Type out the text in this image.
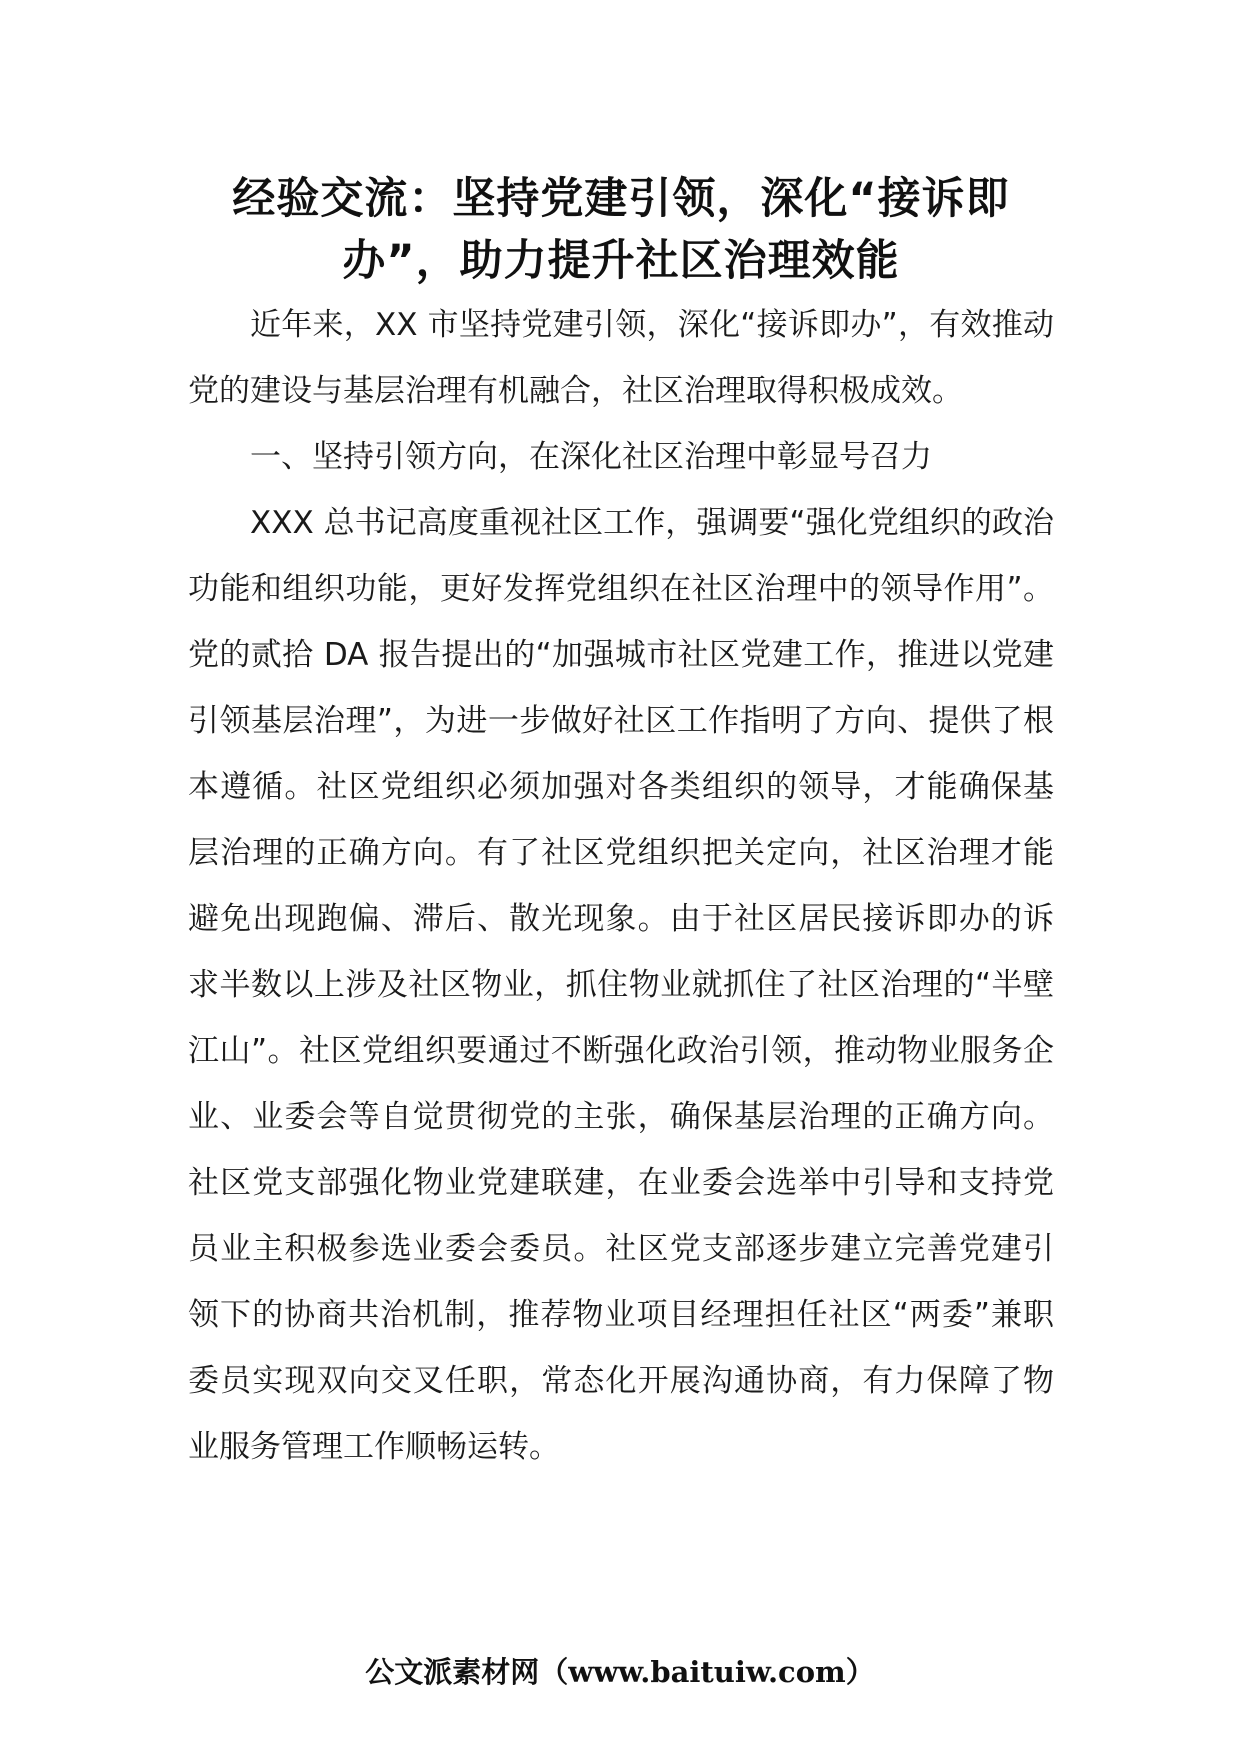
经验交流：坚持党建引领，深化“接诉即
办”，助力提升社区治理效能

近年来，XX 市坚持党建引领，深化“接诉即办”，有效推动党的建设与基层治理有机融合，社区治理取得积极成效。

一、坚持引领方向，在深化社区治理中彰显号召力

XXX 总书记高度重视社区工作，强调要“强化党组织的政治功能和组织功能，更好发挥党组织在社区治理中的领导作用”。党的贰拾 DA 报告提出的“加强城市社区党建工作，推进以党建引领基层治理”，为进一步做好社区工作指明了方向、提供了根本遵循。社区党组织必须加强对各类组织的领导，才能确保基层治理的正确方向。有了社区党组织把关定向，社区治理才能避免出现跑偏、滞后、散光现象。由于社区居民接诉即办的诉求半数以上涉及社区物业，抓住物业就抓住了社区治理的“半壁江山”。社区党组织要通过不断强化政治引领，推动物业服务企业、业委会等自觉贯彻党的主张，确保基层治理的正确方向。社区党支部强化物业党建联建，在业委会选举中引导和支持党员业主积极参选业委会委员。社区党支部逐步建立完善党建引领下的协商共治机制，推荐物业项目经理担任社区“两委”兼职委员实现双向交叉任职，常态化开展沟通协商，有力保障了物业服务管理工作顺畅运转。

公文派素材网（www.baituiw.com）
